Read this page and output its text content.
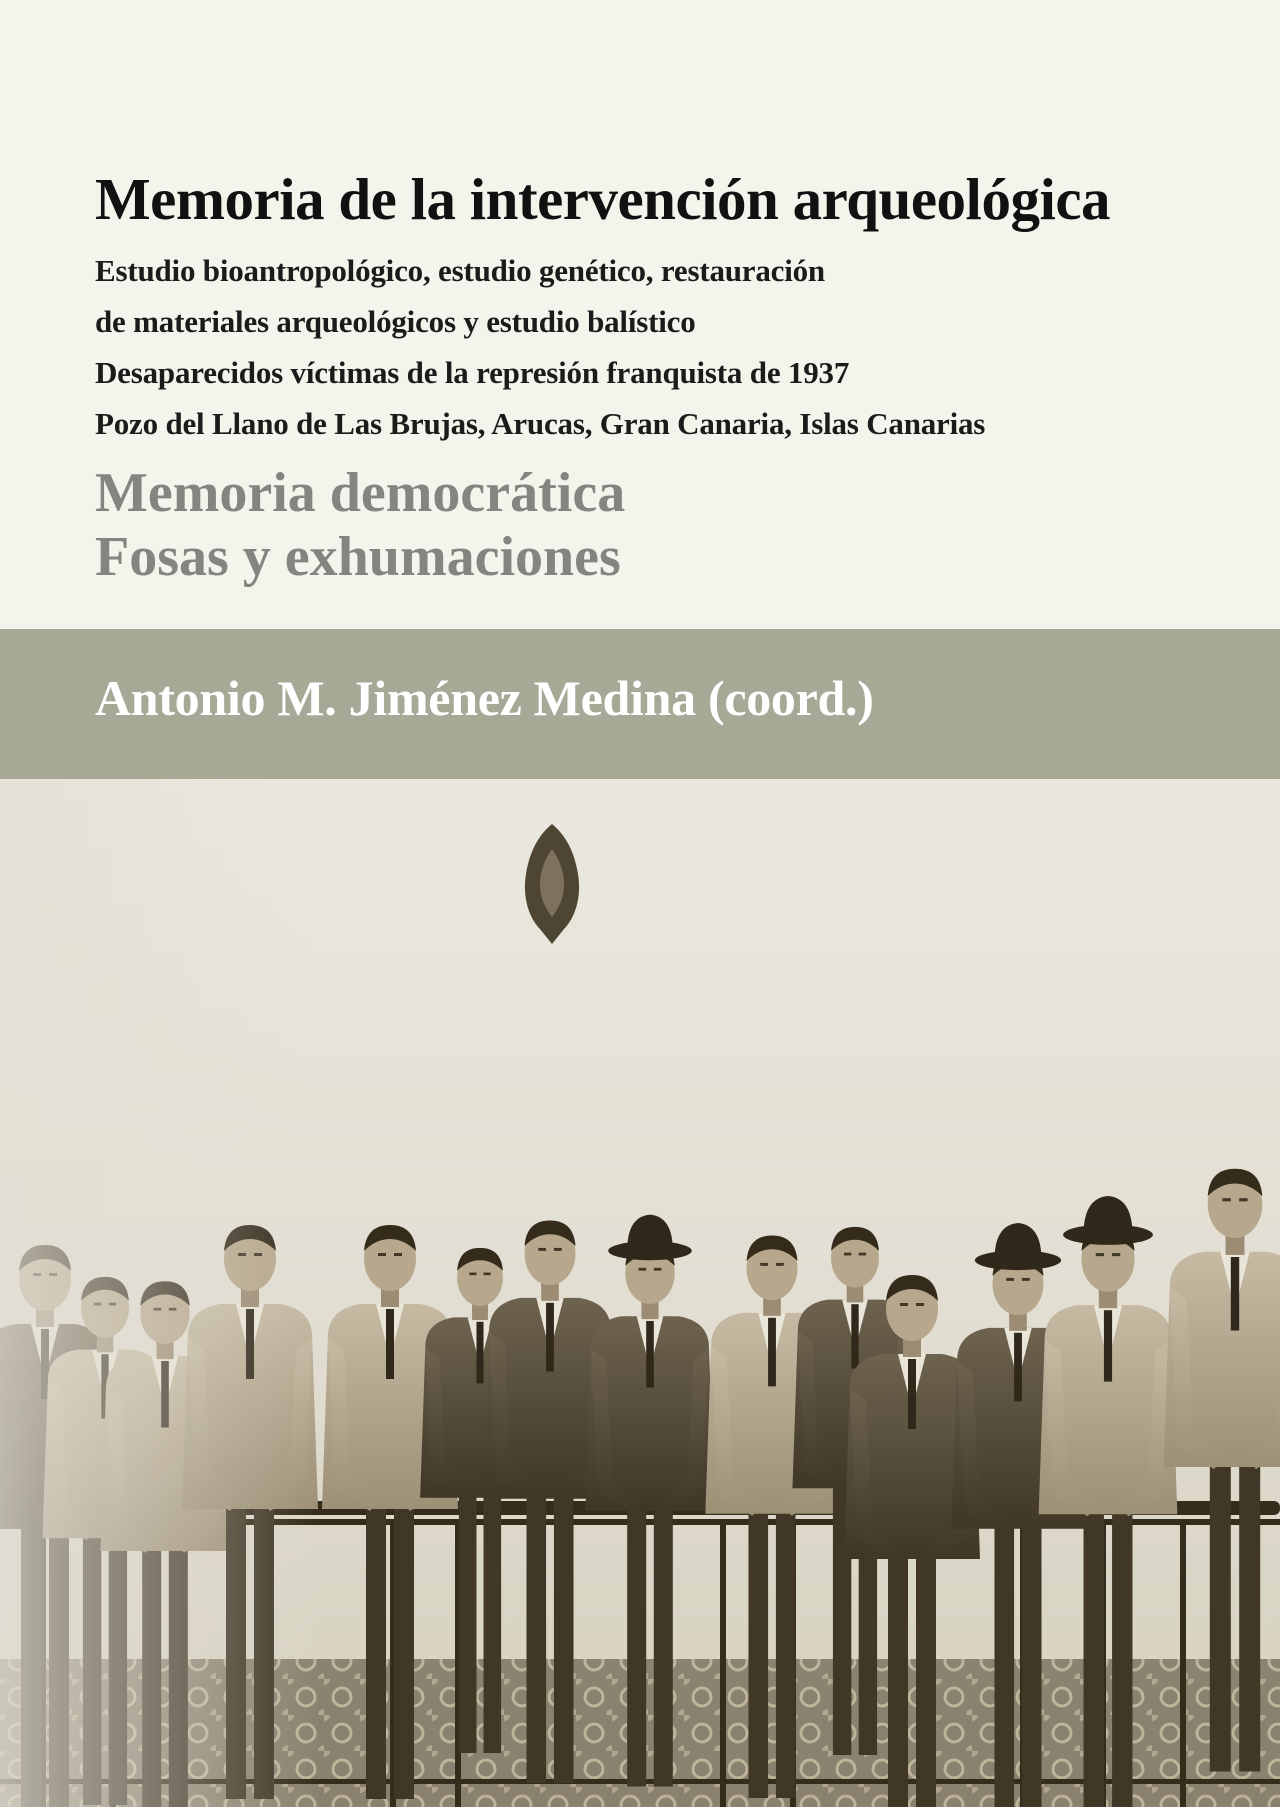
Memoria de la intervención arqueológica
Estudio bioantropológico, estudio genético, restauración
de materiales arqueológicos y estudio balístico
Desaparecidos víctimas de la represión franquista de 1937
Pozo del Llano de Las Brujas, Arucas, Gran Canaria, Islas Canarias
Memoria democrática
Fosas y exhumaciones
Antonio M. Jiménez Medina (coord.)
